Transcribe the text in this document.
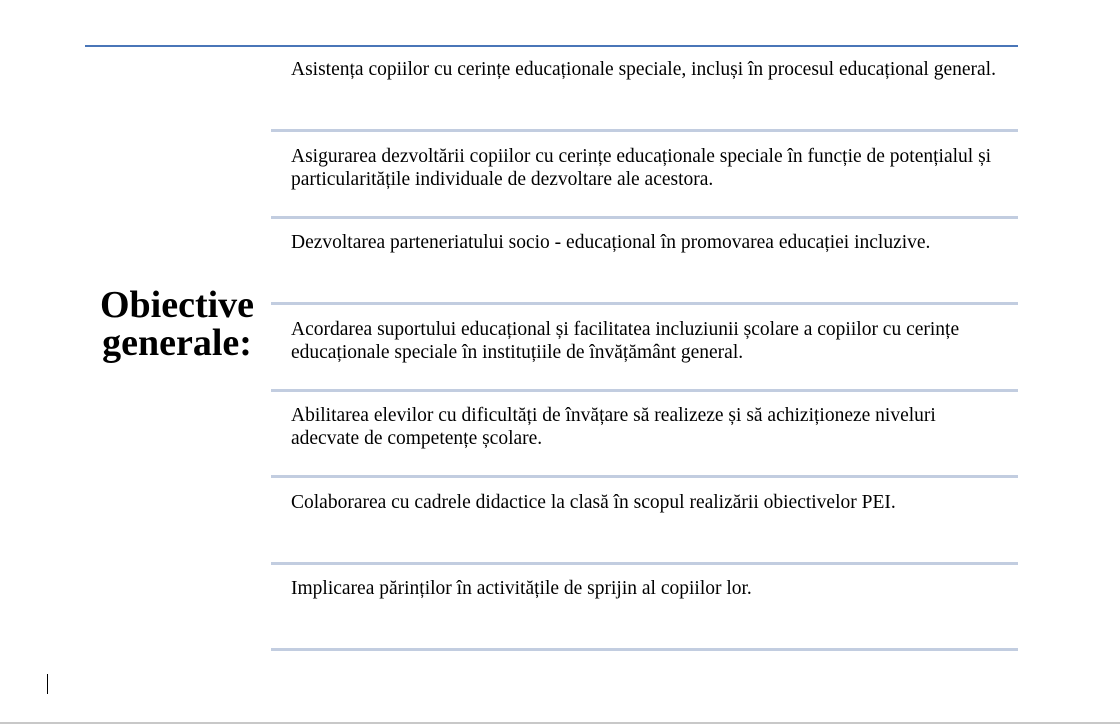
Obiective generale:
Asistența copiilor cu cerințe educaționale speciale, incluși în procesul educațional general.
Asigurarea dezvoltării copiilor cu cerințe educaționale speciale în funcție de potențialul și particularitățile individuale de dezvoltare ale acestora.
Dezvoltarea parteneriatului socio - educațional în promovarea educației incluzive.
Acordarea suportului educațional și facilitatea incluziunii școlare a copiilor cu cerințe educaționale speciale în instituțiile de învățământ general.
Abilitarea elevilor cu dificultăți de învățare să realizeze și să achiziționeze niveluri adecvate de competențe școlare.
Colaborarea cu cadrele didactice la clasă în scopul realizării obiectivelor PEI.
Implicarea părinților în activitățile de sprijin al copiilor lor.
